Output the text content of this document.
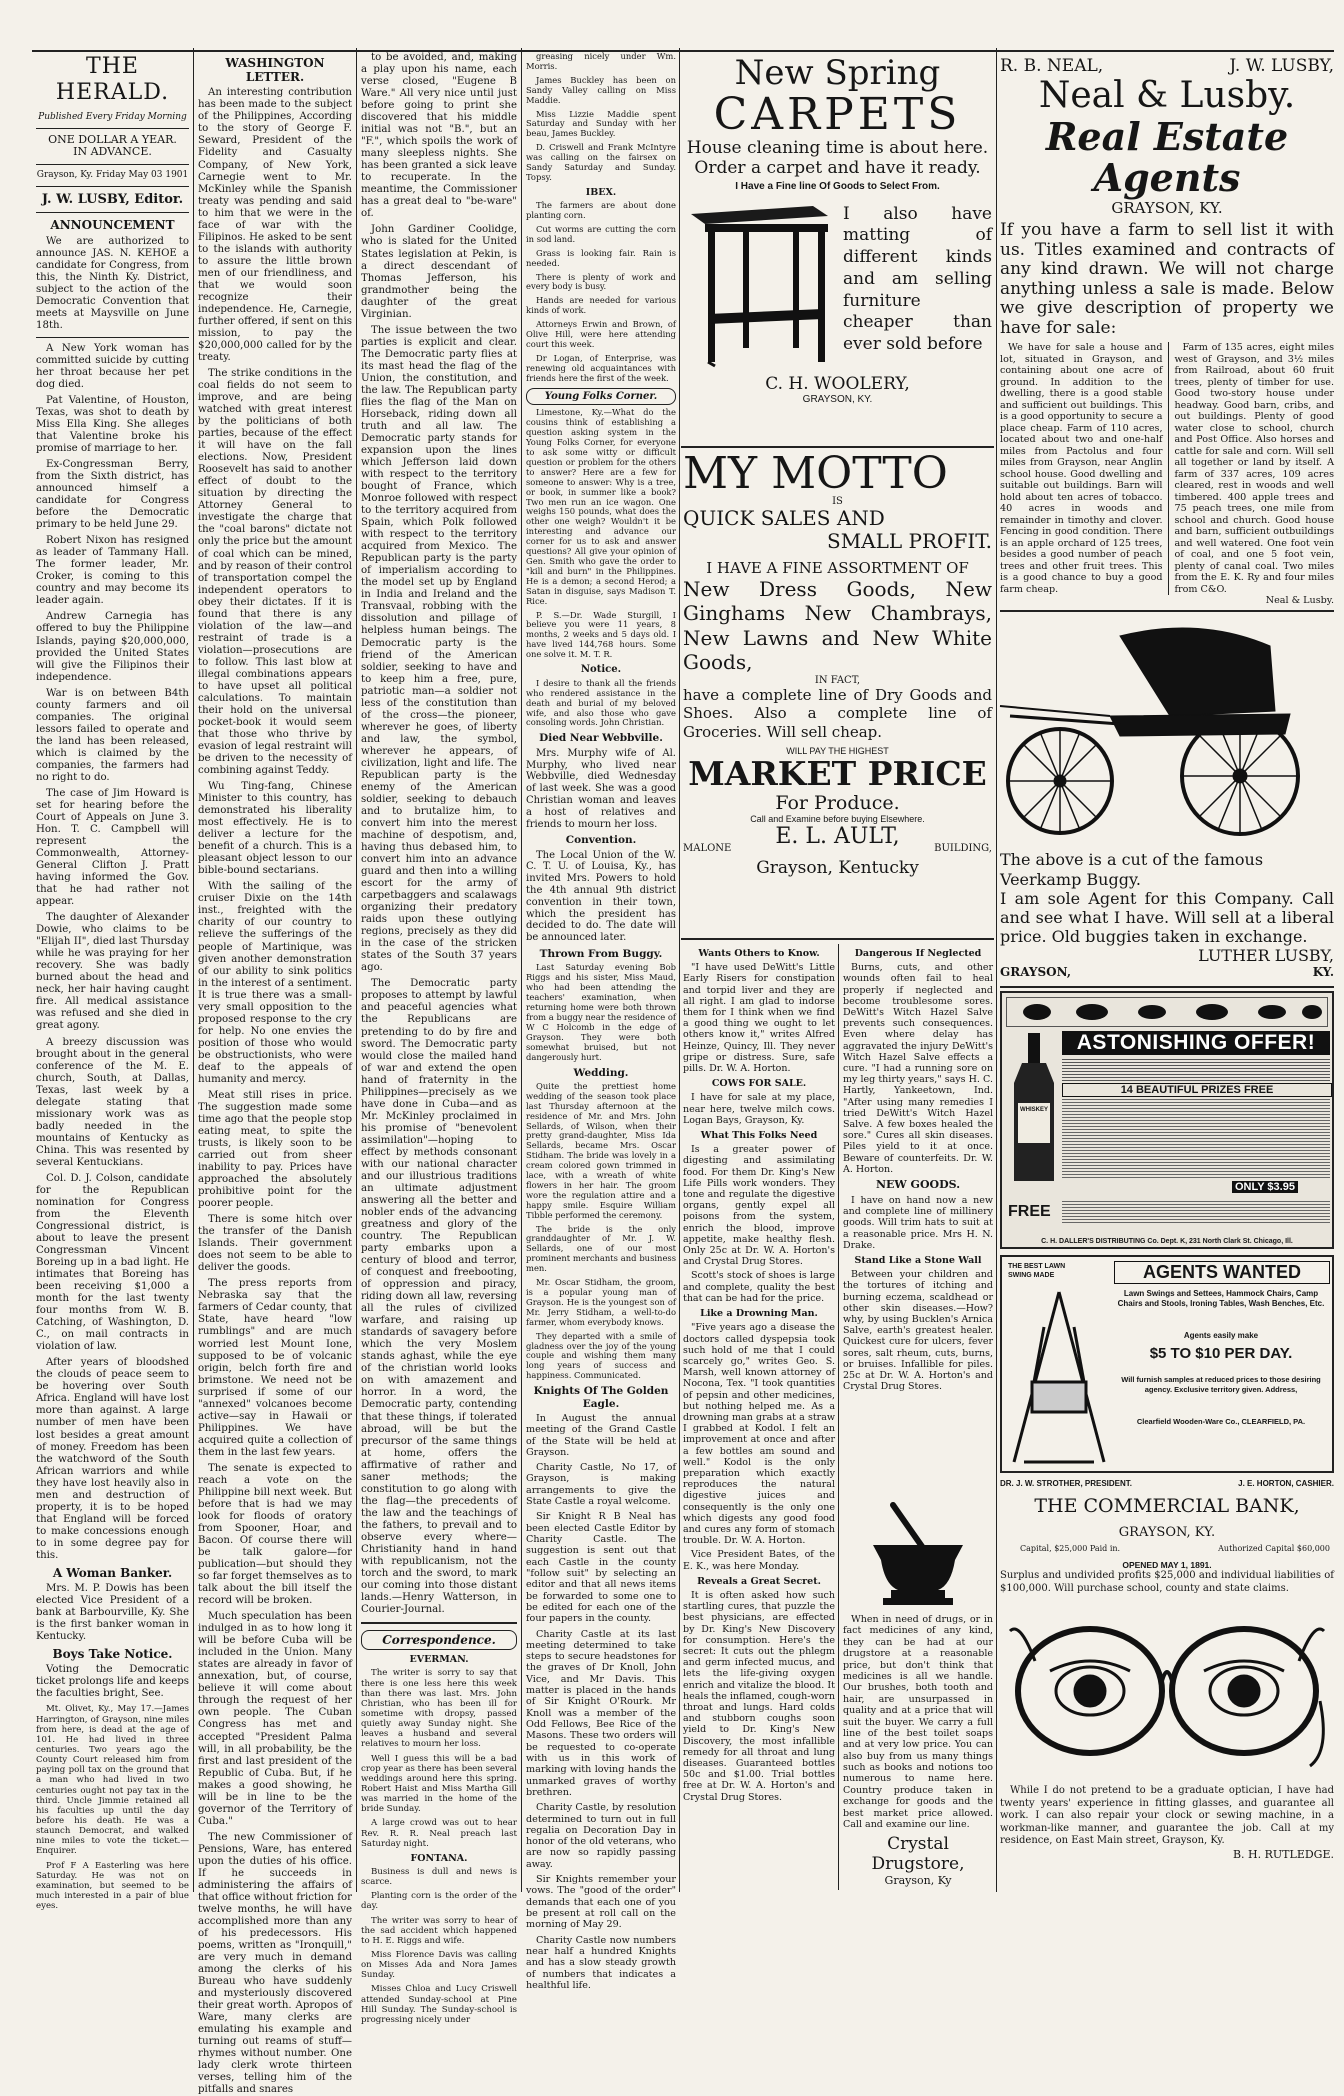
THE HERALD.
Published Every Friday Morning
ONE DOLLAR A YEAR.
IN ADVANCE.
Grayson, Ky. Friday May 03 1901
J. W. LUSBY, Editor.
ANNOUNCEMENT

We are authorized to announce JAS. N. KEHOE a candidate for Congress, from this, the Ninth Ky. District, subject to the action of the Democratic Convention that meets at Maysville on June 18th.

A New York woman has committed suicide by cutting her throat because her pet dog died.

Pat Valentine, of Houston, Texas, was shot to death by Miss Ella King. She alleges that Valentine broke his promise of marriage to her.

Ex-Congressman Berry, from the Sixth district, has announced himself a candidate for Congress before the Democratic primary to be held June 29.

Robert Nixon has resigned as leader of Tammany Hall. The former leader, Mr. Croker, is coming to this country and may become its leader again.

Andrew Carnegia has offered to buy the Philippine Islands, paying $20,000,000, provided the United States will give the Filipinos their independence.

War is on between B4th county farmers and oil companies. The original lessors failed to operate and the land has been released, which is claimed by the companies, the farmers had no right to do.

The case of Jim Howard is set for hearing before the Court of Appeals on June 3. Hon. T. C. Campbell will represent the Commonwealth, Attorney-General Clifton J. Pratt having informed the Gov. that he had rather not appear.

The daughter of Alexander Dowie, who claims to be "Elijah II", died last Thursday while he was praying for her recovery. She was badly burned about the head and neck, her hair having caught fire. All medical assistance was refused and she died in great agony.

A breezy discussion was brought about in the general conference of the M. E. church, South, at Dallas, Texas, last week by a delegate stating that missionary work was as badly needed in the mountains of Kentucky as China. This was resented by several Kentuckians.

Col. D. J. Colson, candidate for the Republican nomination for Congress from the Eleventh Congressional district, is about to leave the present Congressman Vincent Boreing up in a bad light. He intimates that Boreing has been receiving $1,000 a month for the last twenty four months from W. B. Catching, of Washington, D. C., on mail contracts in violation of law.

After years of bloodshed the clouds of peace seem to be hovering over South Africa. England will have lost more than against. A large number of men have been lost besides a great amount of money. Freedom has been the watchword of the South African warriors and while they have lost heavily also in men and destruction of property, it is to be hoped that England will be forced to make concessions enough to in some degree pay for this.

A Woman Banker.

Mrs. M. P. Dowis has been elected Vice President of a bank at Barbourville, Ky. She is the first banker woman in Kentucky.

Boys Take Notice.

Voting the Democratic ticket prolongs life and keeps the faculties bright, See.

Mt. Olivet, Ky., May 17.—James Harrington, of Grayson, nine miles from here, is dead at the age of 101. He had lived in three centuries. Two years ago the County Court released him from paying poll tax on the ground that a man who had lived in two centuries ought not pay tax in the third. Uncle Jimmie retained all his faculties up until the day before his death. He was a staunch Democrat, and walked nine miles to vote the ticket.—Enquirer.

Prof F A Easterling was here Saturday. He was not on examination, but seemed to be much interested in a pair of blue eyes.

WASHINGTON LETTER.

An interesting contribution has been made to the subject of the Philippines, According to the story of George F. Seward, President of the Fidelity and Casualty Company, of New York, Carnegie went to Mr. McKinley while the Spanish treaty was pending and said to him that we were in the face of war with the Filipinos. He asked to be sent to the islands with authority to assure the little brown men of our friendliness, and that we would soon recognize their independence. He, Carnegie, further offered, if sent on this mission, to pay the $20,000,000 called for by the treaty.

The strike conditions in the coal fields do not seem to improve, and are being watched with great interest by the politicians of both parties, because of the effect it will have on the fall elections. Now, President Roosevelt has said to another effect of doubt to the situation by directing the Attorney General to investigate the charge that the "coal barons" dictate not only the price but the amount of coal which can be mined, and by reason of their control of transportation compel the independent operators to obey their dictates. If it is found that there is any violation of the law—and restraint of trade is a violation—prosecutions are to follow. This last blow at illegal combinations appears to have upset all political calculations. To maintain their hold on the universal pocket-book it would seem that those who thrive by evasion of legal restraint will be driven to the necessity of combining against Teddy.

Wu Ting-fang, Chinese Minister to this country, has demonstrated his liberality most effectively. He is to deliver a lecture for the benefit of a church. This is a pleasant object lesson to our bible-bound sectarians.

With the sailing of the cruiser Dixie on the 14th inst., freighted with the charity of our country to relieve the sufferings of the people of Martinique, was given another demonstration of our ability to sink politics in the interest of a sentiment. It is true there was a small- very small opposition to the proposed response to the cry for help. No one envies the position of those who would be obstructionists, who were deaf to the appeals of humanity and mercy.

Meat still rises in price. The suggestion made some time ago that the people stop eating meat, to spite the trusts, is likely soon to be carried out from sheer inability to pay. Prices have approached the absolutely prohibitive point for the poorer people.

There is some hitch over the transfer of the Danish Islands. Their government does not seem to be able to deliver the goods.

The press reports from Nebraska say that the farmers of Cedar county, that State, have heard "low rumblings" and are much worried lest Mount Ione, supposed to be of volcanic origin, belch forth fire and brimstone. We need not be surprised if some of our "annexed" volcanoes become active—say in Hawaii or Philippines. We have acquired quite a collection of them in the last few years.

The senate is expected to reach a vote on the Philippine bill next week. But before that is had we may look for floods of oratory from Spooner, Hoar, and Bacon. Of course there will be talk galore—for publication—but should they so far forget themselves as to talk about the bill itself the record will be broken.

Much speculation has been indulged in as to how long it will be before Cuba will be included in the Union. Many states are already in favor of annexation, but, of course, believe it will come about through the request of her own people. The Cuban Congress has met and accepted "President Palma will, in all probability, be the first and last president of the Republic of Cuba. But, if he makes a good showing, he will be in line to be the governor of the Territory of Cuba."

The new Commissioner of Pensions, Ware, has entered upon the duties of his office. If he succeeds in administering the affairs of that office without friction for twelve months, he will have accomplished more than any of his predecessors. His poems, written as "Ironquill," are very much in demand among the clerks of his Bureau who have suddenly and mysteriously discovered their great worth. Apropos of Ware, many clerks are emulating his example and turning out reams of stuff—rhymes without number. One lady clerk wrote thirteen verses, telling him of the pitfalls and snares

to be avoided, and, making a play upon his name, each verse closed, "Eugene B Ware." All very nice until just before going to print she discovered that his middle initial was not "B.", but an "F.", which spoils the work of many sleepless nights. She has been granted a sick leave to recuperate. In the meantime, the Commissioner has a great deal to "be-ware" of.

John Gardiner Coolidge, who is slated for the United States legislation at Pekin, is a direct descendant of Thomas Jefferson, his grandmother being the daughter of the great Virginian.

The issue between the two parties is explicit and clear. The Democratic party flies at its mast head the flag of the Union, the constitution, and the law. The Republican party flies the flag of the Man on Horseback, riding down all truth and all law. The Democratic party stands for expansion upon the lines which Jefferson laid down with respect to the territory bought of France, which Monroe followed with respect to the territory acquired from Spain, which Polk followed with respect to the territory acquired from Mexico. The Republican party is the party of imperialism according to the model set up by England in India and Ireland and the Transvaal, robbing with the dissolution and pillage of helpless human beings. The Democratic party is the friend of the American soldier, seeking to have and to keep him a free, pure, patriotic man—a soldier not less of the constitution than of the cross—the pioneer, wherever he goes, of liberty and law, the symbol, wherever he appears, of civilization, light and life. The Republican party is the enemy of the American soldier, seeking to debauch and to brutalize him, to convert him into the merest machine of despotism, and, having thus debased him, to convert him into an advance guard and then into a willing escort for the army of carpetbaggers and scalawags organizing their predatory raids upon these outlying regions, precisely as they did in the case of the stricken states of the South 37 years ago.

The Democratic party proposes to attempt by lawful and peaceful agencies what the Republicans are pretending to do by fire and sword. The Democratic party would close the mailed hand of war and extend the open hand of fraternity in the Philippines—precisely as we have done in Cuba—and as Mr. McKinley proclaimed in his promise of "benevolent assimilation"—hoping to effect by methods consonant with our national character and our illustrious traditions an ultimate adjustment answering all the better and nobler ends of the advancing greatness and glory of the country. The Republican party embarks upon a century of blood and terror, of conquest and freebooting, of oppression and piracy, riding down all law, reversing all the rules of civilized warfare, and raising up standards of savagery before which the very Moslem stands aghast, while the eye of the christian world looks on with amazement and horror. In a word, the Democratic party, contending that these things, if tolerated abroad, will be but the precursor of the same things at home, offers the affirmative of rather and saner methods; the constitution to go along with the flag—the precedents of the law and the teachings of the fathers, to prevail and to observe every where—Christianity hand in hand with republicanism, not the torch and the sword, to mark our coming into those distant lands.—Henry Watterson, in Courier-Journal.

Correspondence.
EVERMAN.

The writer is sorry to say that there is one less here this week than there was last. Mrs. John Christian, who has been ill for sometime with dropsy, passed quietly away Sunday night. She leaves a husband and several relatives to mourn her loss.

Well I guess this will be a bad crop year as there has been several weddings around here this spring. Robert Haist and Miss Martha Gill was married in the home of the bride Sunday.

A large crowd was out to hear Rev. R. R. Neal preach last Saturday night.

FONTANA.

Business is dull and news is scarce.

Planting corn is the order of the day.

The writer was sorry to hear of the sad accident which happened to H. E. Riggs and wife.

Miss Florence Davis was calling on Misses Ada and Nora James Sunday.

Misses Chloa and Lucy Criswell attended Sunday-school at Pine Hill Sunday. The Sunday-school is progressing nicely under

greasing nicely under Wm. Morris.

James Buckley has been on Sandy Valley calling on Miss Maddie.

Miss Lizzie Maddie spent Saturday and Sunday with her beau, James Buckley.

D. Criswell and Frank McIntyre was calling on the fairsex on Sandy Saturday and Sunday. Topsy.

IBEX.

The farmers are about done planting corn.

Cut worms are cutting the corn in sod land.

Grass is looking fair. Rain is needed.

There is plenty of work and every body is busy.

Hands are needed for various kinds of work.

Attorneys Erwin and Brown, of Olive Hill, were here attending court this week.

Dr Logan, of Enterprise, was renewing old acquaintances with friends here the first of the week.

Young Folks Corner.

Limestone, Ky.—What do the cousins think of establishing a question asking system in the Young Folks Corner, for everyone to ask some witty or difficult question or problem for the others to answer? Here are a few for someone to answer: Why is a tree, or book, in summer like a book? Two men run an ice wagon. One weighs 150 pounds, what does the other one weigh? Wouldn't it be interesting and advance our corner for us to ask and answer questions? All give your opinion of Gen. Smith who gave the order to "kill and burn" in the Philippines. He is a demon; a second Herod; a Satan in disguise, says Madison T. Rice.

P. S.—Dr. Wade Sturgill, I believe you were 11 years, 8 months, 2 weeks and 5 days old. I have lived 144,768 hours. Some one solve it. M. T. R.

Notice.

I desire to thank all the friends who rendered assistance in the death and burial of my beloved wife, and also those who gave consoling words. John Christian.

Died Near Webbville.

Mrs. Murphy wife of Al. Murphy, who lived near Webbville, died Wednesday of last week. She was a good Christian woman and leaves a host of relatives and friends to mourn her loss.

Convention.

The Local Union of the W. C. T. U. of Louisa, Ky., has invited Mrs. Powers to hold the 4th annual 9th district convention in their town, which the president has decided to do. The date will be announced later.

Thrown From Buggy.

Last Saturday evening Bob Riggs and his sister, Miss Maud, who had been attending the teachers' examination, when returning home were both thrown from a buggy near the residence of W C Holcomb in the edge of Grayson. They were both somewhat bruised, but not dangerously hurt.

Wedding.

Quite the prettiest home wedding of the season took place last Thursday afternoon at the residence of Mr. and Mrs. John Sellards, of Wilson, when their pretty grand-daughter, Miss Ida Sellards, became Mrs. Oscar Stidham. The bride was lovely in a cream colored gown trimmed in lace, with a wreath of white flowers in her hair. The groom wore the regulation attire and a happy smile. Esquire William Tibble performed the ceremony.

The bride is the only granddaughter of Mr. J. W. Sellards, one of our most prominent merchants and business men.

Mr. Oscar Stidham, the groom, is a popular young man of Grayson. He is the youngest son of Mr. Jerry Stidham, a well-to-do farmer, whom everybody knows.

They departed with a smile of gladness over the joy of the young couple and wishing them many long years of success and happiness. Communicated.

Knights Of The Golden Eagle.

In August the annual meeting of the Grand Castle of the State will be held at Grayson.

Charity Castle, No 17, of Grayson, is making arrangements to give the State Castle a royal welcome.

Sir Knight R B Neal has been elected Castle Editor by Charity Castle. The suggestion is sent out that each Castle in the county "follow suit" by selecting an editor and that all news items be forwarded to some one to be edited for each one of the four papers in the county.

Charity Castle at its last meeting determined to take steps to secure headstones for the graves of Dr Knoll, John Vice, and Mr Davis. This matter is placed in the hands of Sir Knight O'Rourk. Mr Knoll was a member of the Odd Fellows, Bee Rice of the Masons. These two orders will be requested to co-operate with us in this work of marking with loving hands the unmarked graves of worthy brethren.

Charity Castle, by resolution determined to turn out in full regalia on Decoration Day in honor of the old veterans, who are now so rapidly passing away.

Sir Knights remember your vows. The "good of the order" demands that each one of you be present at roll call on the morning of May 29.

Charity Castle now numbers near half a hundred Knights and has a slow steady growth of numbers that indicates a healthful life.

New Spring
CARPETS
House cleaning time is about here.
Order a carpet and have it ready.
I Have a Fine line Of Goods to Select From.
I also have matting of different kinds and am selling furniture cheaper than ever sold before
C. H. WOOLERY,
GRAYSON, KY.
MY MOTTO
IS
QUICK SALES AND
SMALL PROFIT.
I HAVE A FINE ASSORTMENT OF
New Dress Goods, New Ginghams New Chambrays, New Lawns and New White Goods,
IN FACT,
have a complete line of Dry Goods and Shoes. Also a complete line of Groceries. Will sell cheap.
WILL PAY THE HIGHEST
MARKET PRICE
For Produce.
Call and Examine before buying Elsewhere.
MALONE	E. L. AULT,	BUILDING,
Grayson, Kentucky
Wants Others to Know.

"I have used DeWitt's Little Early Risers for constipation and torpid liver and they are all right. I am glad to indorse them for I think when we find a good thing we ought to let others know it," writes Alfred Heinze, Quincy, Ill. They never gripe or distress. Sure, safe pills. Dr. W. A. Horton.

COWS FOR SALE.

I have for sale at my place, near here, twelve milch cows. Logan Bays, Grayson, Ky.

What This Folks Need

Is a greater power of digesting and assimilating food. For them Dr. King's New Life Pills work wonders. They tone and regulate the digestive organs, gently expel all poisons from the system, enrich the blood, improve appetite, make healthy flesh. Only 25c at Dr. W. A. Horton's and Crystal Drug Stores.

Scott's stock of shoes is large and complete, quality the best that can be had for the price.

Like a Drowning Man.

"Five years ago a disease the doctors called dyspepsia took such hold of me that I could scarcely go," writes Geo. S. Marsh, well known attorney of Nocona, Tex. "I took quantities of pepsin and other medicines, but nothing helped me. As a drowning man grabs at a straw I grabbed at Kodol. I felt an improvement at once and after a few bottles am sound and well." Kodol is the only preparation which exactly reproduces the natural digestive juices and consequently is the only one which digests any good food and cures any form of stomach trouble. Dr. W. A. Horton.

Vice President Bates, of the E. K., was here Monday.

Reveals a Great Secret.

It is often asked how such startling cures, that puzzle the best physicians, are effected by Dr. King's New Discovery for consumption. Here's the secret: It cuts out the phlegm and germ infected mucus, and lets the life-giving oxygen enrich and vitalize the blood. It heals the inflamed, cough-worn throat and lungs. Hard colds and stubborn coughs soon yield to Dr. King's New Discovery, the most infallible remedy for all throat and lung diseases. Guaranteed bottles 50c and $1.00. Trial bottles free at Dr. W. A. Horton's and Crystal Drug Stores.

Dangerous If Neglected

Burns, cuts, and other wounds often fail to heal properly if neglected and become troublesome sores. DeWitt's Witch Hazel Salve prevents such consequences. Even where delay has aggravated the injury DeWitt's Witch Hazel Salve effects a cure. "I had a running sore on my leg thirty years," says H. C. Hartly, Yankeetown, Ind. "After using many remedies I tried DeWitt's Witch Hazel Salve. A few boxes healed the sore." Cures all skin diseases. Piles yield to it at once. Beware of counterfeits. Dr. W. A. Horton.

NEW GOODS.

I have on hand now a new and complete line of millinery goods. Will trim hats to suit at a reasonable price. Mrs H. N. Drake.

Stand Like a Stone Wall

Between your children and the tortures of itching and burning eczema, scaldhead or other skin diseases.—How? why, by using Bucklen's Arnica Salve, earth's greatest healer. Quickest cure for ulcers, fever sores, salt rheum, cuts, burns, or bruises. Infallible for piles. 25c at Dr. W. A. Horton's and Crystal Drug Stores.

When in need of drugs, or in fact medicines of any kind, they can be had at our drugstore at a reasonable price, but don't think that medicines is all we handle. Our brushes, both tooth and hair, are unsurpassed in quality and at a price that will suit the buyer. We carry a full line of the best toilet soaps and at very low price. You can also buy from us many things such as books and notions too numerous to name here. Country produce taken in exchange for goods and the best market price allowed. Call and examine our line.
Crystal Drugstore,
Grayson, Ky
R. B. NEAL,	J. W. LUSBY,
Neal & Lusby.
Real Estate Agents
GRAYSON, KY.
If you have a farm to sell list it with us. Titles examined and contracts of any kind drawn. We will not charge anything unless a sale is made. Below we give description of property we have for sale:
We have for sale a house and lot, situated in Grayson, and containing about one acre of ground. In addition to the dwelling, there is a good stable and sufficient out buildings. This is a good opportunity to secure a place cheap. Farm of 110 acres, located about two and one-half miles from Pactolus and four miles from Grayson, near Anglin school house. Good dwelling and suitable out buildings. Barn will hold about ten acres of tobacco. 40 acres in woods and remainder in timothy and clover. Fencing in good condition. There is an apple orchard of 125 trees, besides a good number of peach trees and other fruit trees. This is a good chance to buy a good farm cheap.
Farm of 135 acres, eight miles west of Grayson, and 3½ miles from Railroad, about 60 fruit trees, plenty of timber for use. Good two-story house under headway. Good barn, cribs, and out buildings. Plenty of good water close to school, church and Post Office. Also horses and cattle for sale and corn. Will sell all together or land by itself. A farm of 337 acres, 109 acres cleared, rest in woods and well timbered. 400 apple trees and 75 peach trees, one mile from school and church. Good house and barn, sufficient outbuildings and well watered. One foot vein of coal, and one 5 foot vein, plenty of canal coal. Two miles from the E. K. Ry and four miles from C&O.
Neal & Lusby.
The above is a cut of the famous Veerkamp Buggy.
I am sole Agent for this Company. Call and see what I have. Will sell at a liberal price. Old buggies taken in exchange.
LUTHER LUSBY,
GRAYSON,	KY.
WHISKEY
ASTONISHING OFFER!
14 BEAUTIFUL PRIZES FREE
ONLY $3.95
FREE
C. H. DALLER'S DISTRIBUTING Co. Dept. K, 231 North Clark St. Chicago, Ill.
THE BEST LAWN SWING MADE	AGENTS WANTED
Lawn Swings and Settees, Hammock Chairs, Camp Chairs and Stools, Ironing Tables, Wash Benches, Etc.
Agents easily make
$5 TO $10 PER DAY.
Will furnish samples at reduced prices to those desiring agency. Exclusive territory given. Address,
Clearfield Wooden-Ware Co., CLEARFIELD, PA.
DR. J. W. STROTHER, PRESIDENT.	J. E. HORTON, CASHIER.
THE COMMERCIAL BANK,
GRAYSON, KY.
Capital, $25,000 Paid in.	Authorized Capital $60,000
OPENED MAY 1, 1891.
Surplus and undivided profits $25,000 and individual liabilities of $100,000. Will purchase school, county and state claims.
While I do not pretend to be a graduate optician, I have had twenty years' experience in fitting glasses, and guarantee all work. I can also repair your clock or sewing machine, in a workman-like manner, and guarantee the job. Call at my residence, on East Main street, Grayson, Ky.
B. H. RUTLEDGE.
